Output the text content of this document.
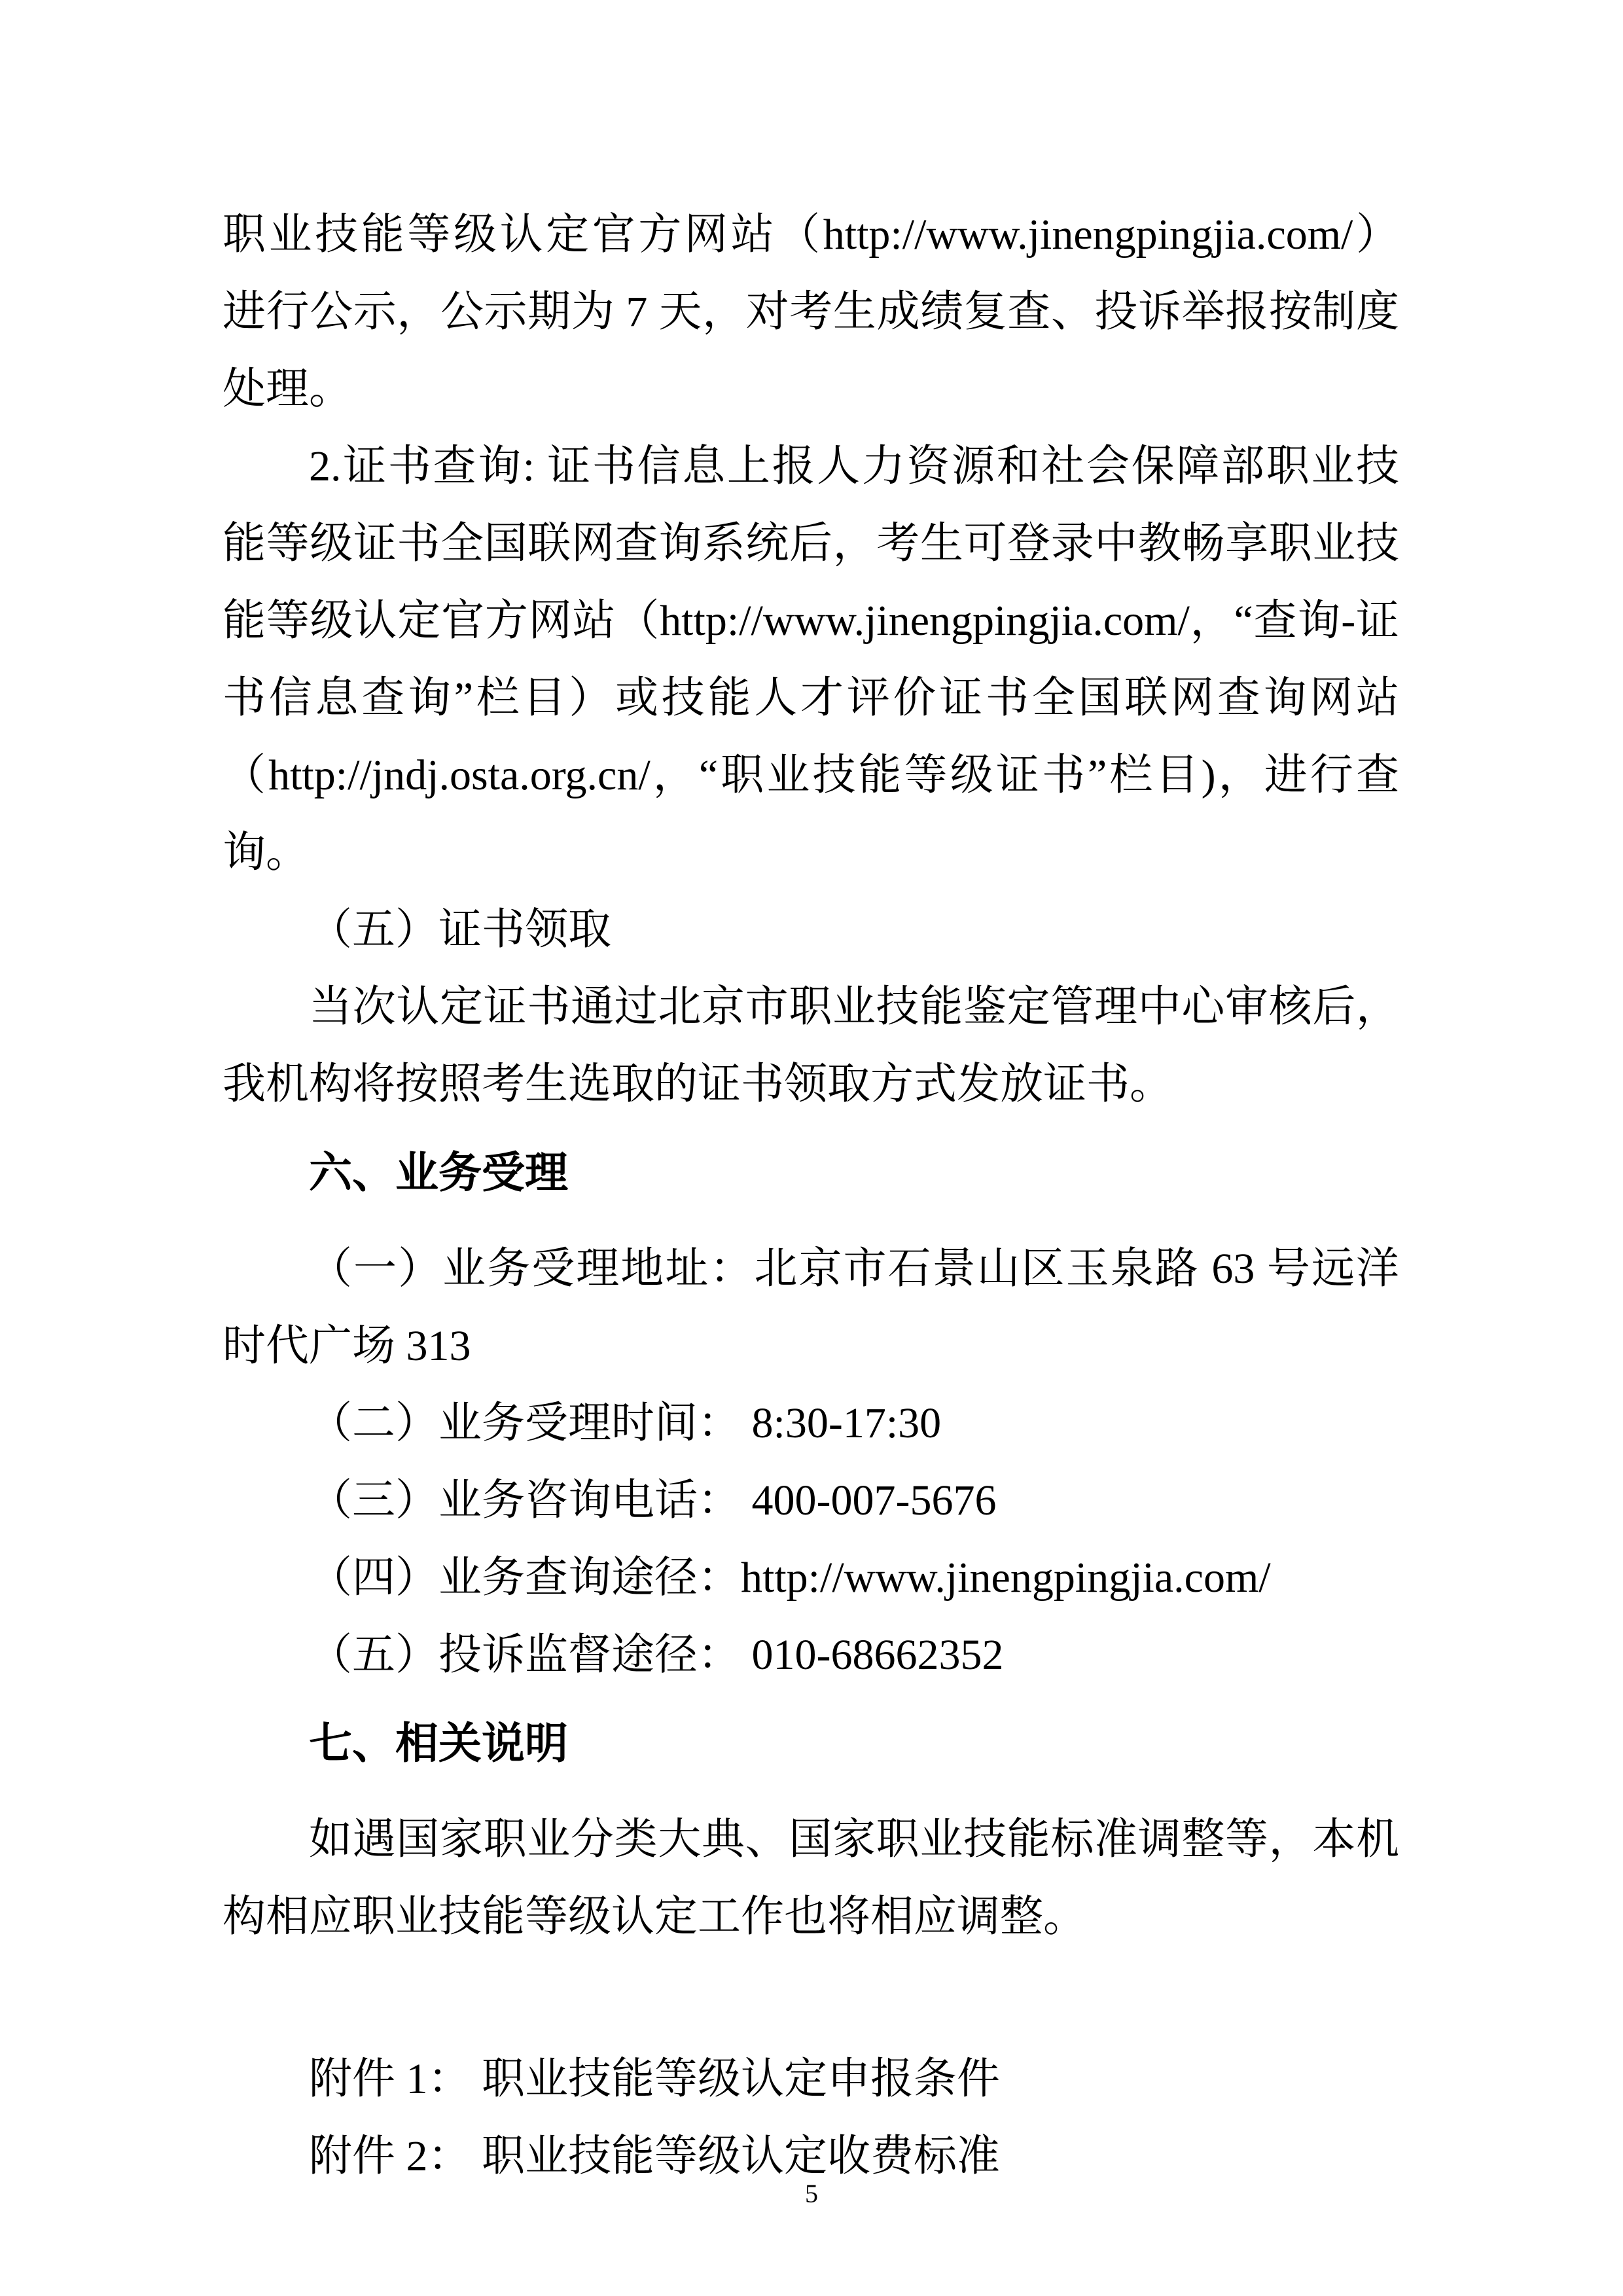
职业技能等级认定官方网站（http://www.jinengpingjia.com/）进行公示，公示期为 7 天，对考生成绩复查、投诉举报按制度处理。

2.证书查询: 证书信息上报人力资源和社会保障部职业技能等级证书全国联网查询系统后，考生可登录中教畅享职业技能等级认定官方网站（http://www.jinengpingjia.com/，“查询-证书信息查询”栏目）或技能人才评价证书全国联网查询网站（http://jndj.osta.org.cn/，“职业技能等级证书”栏目)，进行查询。

（五）证书领取

当次认定证书通过北京市职业技能鉴定管理中心审核后，我机构将按照考生选取的证书领取方式发放证书。

六、业务受理

（一）业务受理地址：北京市石景山区玉泉路 63 号远洋时代广场 313

（二）业务受理时间： 8:30-17:30

（三）业务咨询电话： 400-007-5676

（四）业务查询途径：http://www.jinengpingjia.com/

（五）投诉监督途径： 010-68662352

七、相关说明

如遇国家职业分类大典、国家职业技能标准调整等，本机构相应职业技能等级认定工作也将相应调整。

附件 1： 职业技能等级认定申报条件

附件 2： 职业技能等级认定收费标准

5
